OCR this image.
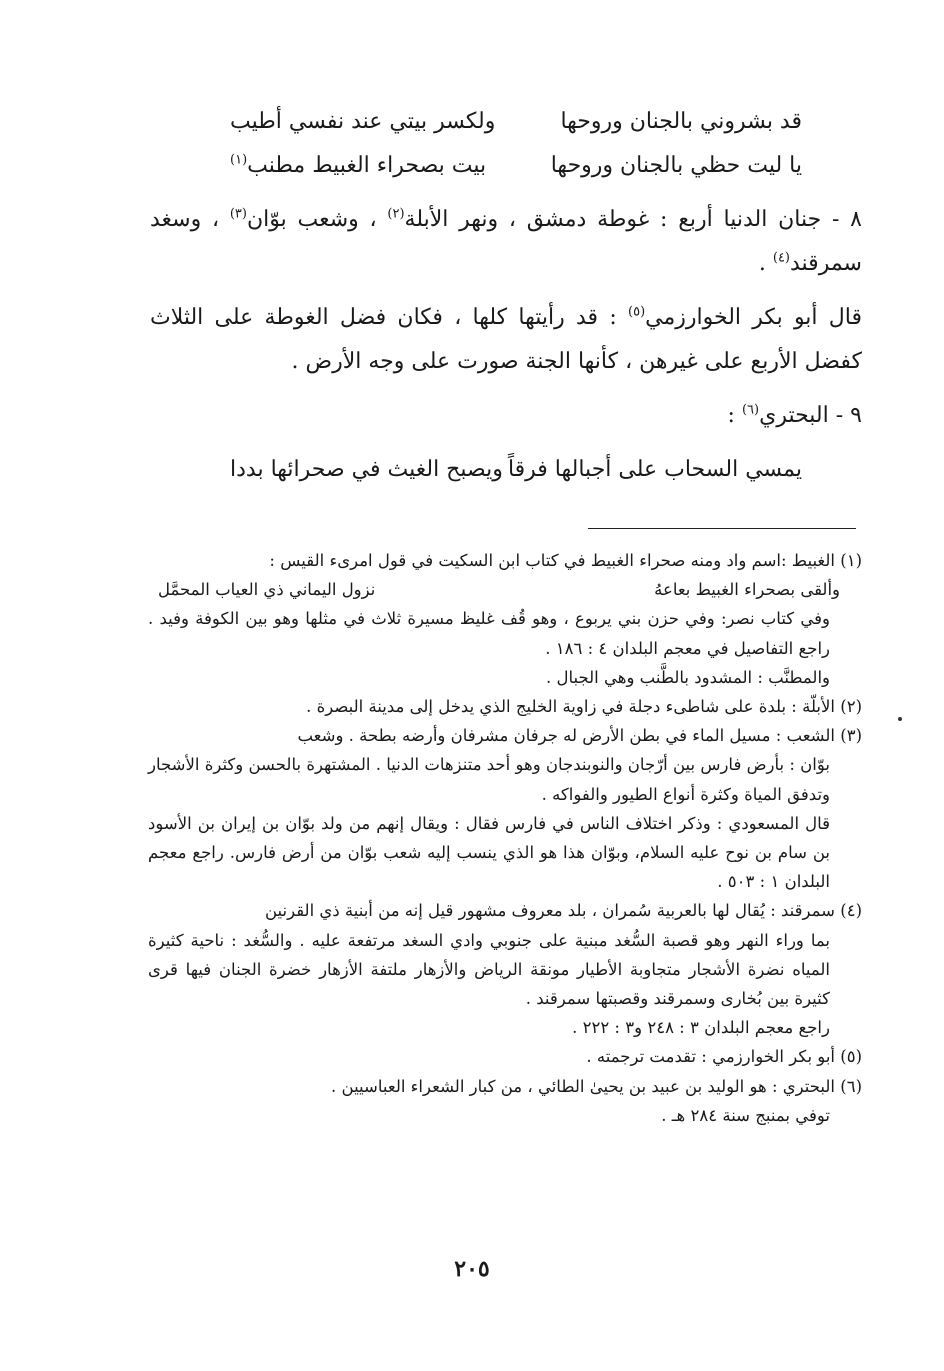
قد بشروني بالجنان وروحها
ولكسر بيتي عند نفسي أطيب
يا ليت حظي بالجنان وروحها
بيت بصحراء الغبيط مطنب$^{(١)}$

٨ - جنان الدنيا أربع : غوطة دمشق ، ونهر الأبلة$^{(٢)}$ ، وشعب بوّان$^{(٣)}$ ، وسغد سمرقند$^{(٤)}$ .

قال أبو بكر الخوارزمي$^{(٥)}$ : قد رأيتها كلها ، فكان فضل الغوطة على الثلاث كفضل الأربع على غيرهن ، كأنها الجنة صورت على وجه الأرض .

٩ - البحتري$^{(٦)}$ :

يمسي السحاب على أجبالها فرقاً
ويصبح الغيث في صحرائها بددا

(١) الغبيط :اسم واد ومنه صحراء الغبيط في كتاب ابن السكيت في قول امرىء القيس :

وألقى بصحراء الغبيط بعاعهُ
نزول اليماني ذي العياب المحمَّل

وفي كتاب نصر: وفي حزن بني يربوع ، وهو قُف غليظ مسيرة ثلاث في مثلها وهو بين الكوفة وفيد . راجع التفاصيل في معجم البلدان ٤ : ١٨٦ .

والمطنَّب : المشدود بالطَّنب وهي الجبال .

(٢) الأبلّة : بلدة على شاطىء دجلة في زاوية الخليج الذي يدخل إلى مدينة البصرة .

(٣) الشعب : مسيل الماء في بطن الأرض له جرفان مشرفان وأرضه بطحة . وشعب

بوّان : بأرض فارس بين أرّجان والنوبندجان وهو أحد متنزهات الدنيا . المشتهرة بالحسن وكثرة الأشجار وتدفق المياة وكثرة أنواع الطيور والفواكه .

قال المسعودي : وذكر اختلاف الناس في فارس فقال : ويقال إنهم من ولد بوّان بن إيران بن الأسود بن سام بن نوح عليه السلام، وبوّان هذا هو الذي ينسب إليه شعب بوّان من أرض فارس. راجع معجم البلدان ١ : ٥٠٣ .

(٤) سمرقند : يُقال لها بالعربية سُمران ، بلد معروف مشهور قيل إنه من أبنية ذي القرنين

بما وراء النهر وهو قصبة السُّغد مبنية على جنوبي وادي السغد مرتفعة عليه . والسُّغد : ناحية كثيرة المياه نضرة الأشجار متجاوبة الأطيار مونقة الرياض والأزهار ملتفة الأزهار خضرة الجنان فيها قرى كثيرة بين بُخارى وسمرقند وقصبتها سمرقند .

راجع معجم البلدان ٣ : ٢٤٨ و٣ : ٢٢٢ .

(٥) أبو بكر الخوارزمي : تقدمت ترجمته .

(٦) البحتري : هو الوليد بن عبيد بن يحيىٰ الطائي ، من كبار الشعراء العباسيين .

توفي بمنبج سنة ٢٨٤ هـ .

٢٠٥
